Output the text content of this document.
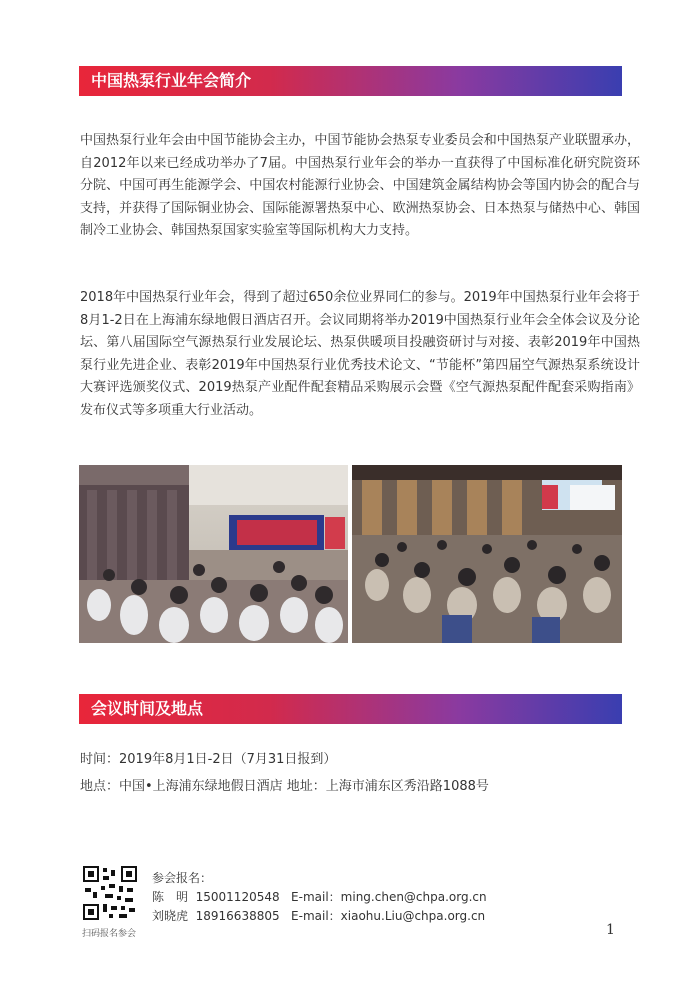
中国热泵行业年会简介

中国热泵行业年会由中国节能协会主办，中国节能协会热泵专业委员会和中国热泵产业联盟承办，自2012年以来已经成功举办了7届。中国热泵行业年会的举办一直获得了中国标准化研究院资环分院、中国可再生能源学会、中国农村能源行业协会、中国建筑金属结构协会等国内协会的配合与支持，并获得了国际铜业协会、国际能源署热泵中心、欧洲热泵协会、日本热泵与储热中心、韩国制冷工业协会、韩国热泵国家实验室等国际机构大力支持。

2018年中国热泵行业年会，得到了超过650余位业界同仁的参与。2019年中国热泵行业年会将于8月1-2日在上海浦东绿地假日酒店召开。会议同期将举办2019中国热泵行业年会全体会议及分论坛、第八届国际空气源热泵行业发展论坛、热泵供暖项目投融资研讨与对接、表彰2019年中国热泵行业先进企业、表彰2019年中国热泵行业优秀技术论文、“节能杯”第四届空气源热泵系统设计大赛评选颁奖仪式、2019热泵产业配件配套精品采购展示会暨《空气源热泵配件配套采购指南》发布仪式等多项重大行业活动。

会议时间及地点

时间：2019年8月1日-2日（7月31日报到）

地点：中国•上海浦东绿地假日酒店 地址：上海市浦东区秀沿路1088号

扫码报名参会
参会报名：
陈　明  15001120548   E-mail：ming.chen@chpa.org.cn
刘晓虎  18916638805   E-mail：xiaohu.Liu@chpa.org.cn
1
